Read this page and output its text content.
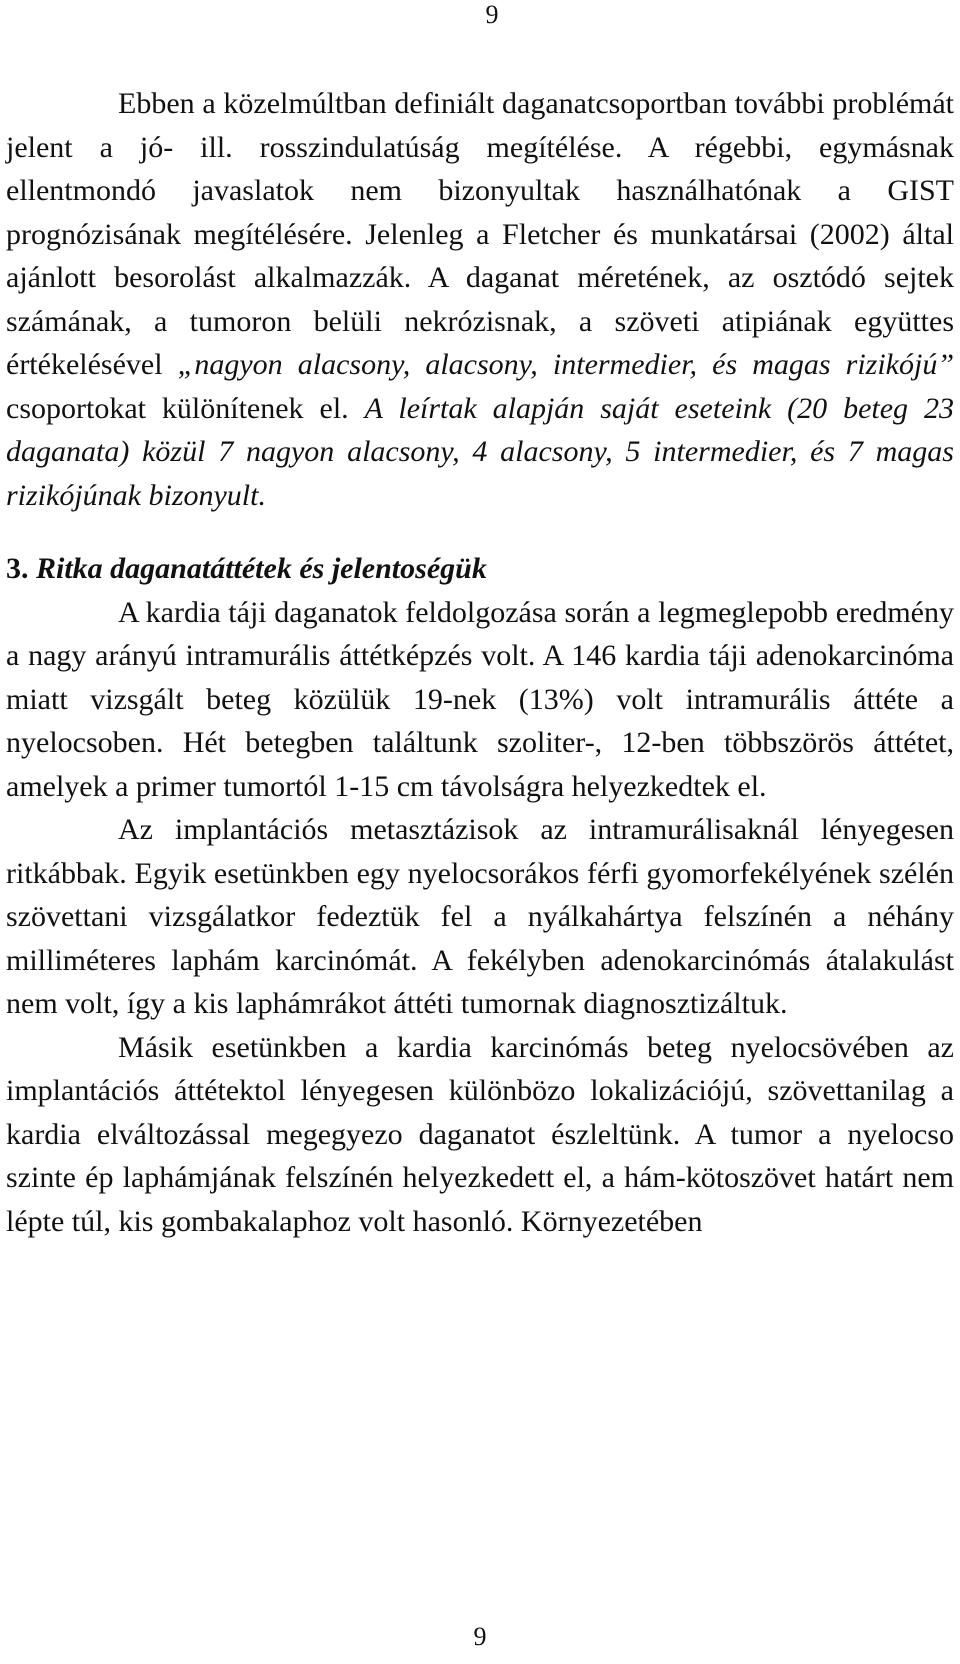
9

Ebben a közelmúltban definiált daganatcsoportban további problémát jelent a jó- ill. rosszindulatúság megítélése. A régebbi, egymásnak ellentmondó javaslatok nem bizonyultak használhatónak a GIST prognózisának megítélésére. Jelenleg a Fletcher és munkatársai (2002) által ajánlott besorolást alkalmazzák. A daganat méretének, az osztódó sejtek számának, a tumoron belüli nekrózisnak, a szöveti atipiának együttes értékelésével „nagyon alacsony, alacsony, intermedier, és magas rizikójú” csoportokat különítenek el. A leírtak alapján saját eseteink (20 beteg 23 daganata) közül 7 nagyon alacsony, 4 alacsony, 5 intermedier, és 7 magas rizikójúnak bizonyult.

3. Ritka daganatáttétek és jelentoségük

A kardia táji daganatok feldolgozása során a legmeglepobb eredmény a nagy arányú intramurális áttétképzés volt. A 146 kardia táji adenokarcinóma miatt vizsgált beteg közülük 19-nek (13%) volt intramurális áttéte a nyelocsoben. Hét betegben találtunk szoliter-, 12-ben többszörös áttétet, amelyek a primer tumortól 1-15 cm távolságra helyezkedtek el.

Az implantációs metasztázisok az intramurálisaknál lényegesen ritkábbak. Egyik esetünkben egy nyelocsorákos férfi gyomorfekélyének szélén szövettani vizsgálatkor fedeztük fel a nyálkahártya felszínén a néhány milliméteres laphám karcinómát. A fekélyben adenokarcinómás átalakulást nem volt, így a kis laphámrákot áttéti tumornak diagnosztizáltuk.

Másik esetünkben a kardia karcinómás beteg nyelocsövében az implantációs áttétektol lényegesen különbözo lokalizációjú, szövettanilag a kardia elváltozással megegyezo daganatot észleltünk. A tumor a nyelocso szinte ép laphámjának felszínén helyezkedett el, a hám-kötoszövet határt nem lépte túl, kis gombakalaphoz volt hasonló. Környezetében

9
